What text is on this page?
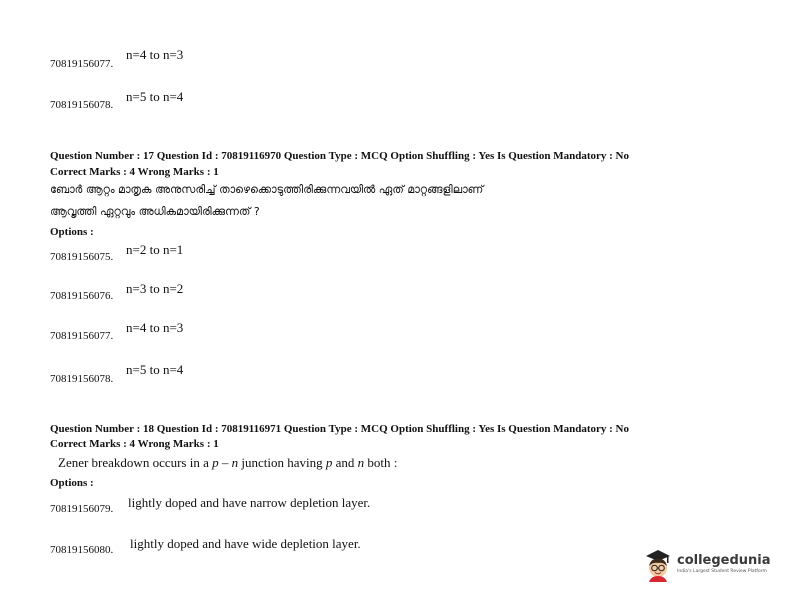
70819156077.
n=4 to n=3
70819156078.
n=5 to n=4
Question Number : 17 Question Id : 70819116970 Question Type : MCQ Option Shuffling : Yes Is Question Mandatory : No
Correct Marks : 4 Wrong Marks : 1
ബോർ ആറ്റം മാതൃക അനുസരിച്ച് താഴെക്കൊടുത്തിരിക്കുന്നവയിൽ ഏത് മാറ്റങ്ങളിലാണ്
ആവൃത്തി ഏറ്റവും അധികമായിരിക്കുന്നത് ?
Options :
70819156075. n=2 to n=1
70819156076. n=3 to n=2
70819156077.
n=4 to n=3
70819156078.
n=5 to n=4
Question Number : 18 Question Id : 70819116971 Question Type : MCQ Option Shuffling : Yes Is Question Mandatory : No
Correct Marks : 4 Wrong Marks : 1
Zener breakdown occurs in a p – n junction having p and n both :
Options :
70819156079. lightly doped and have narrow depletion layer.
70819156080. lightly doped and have wide depletion layer.
collegedunia
India's Largest Student Review Platform
